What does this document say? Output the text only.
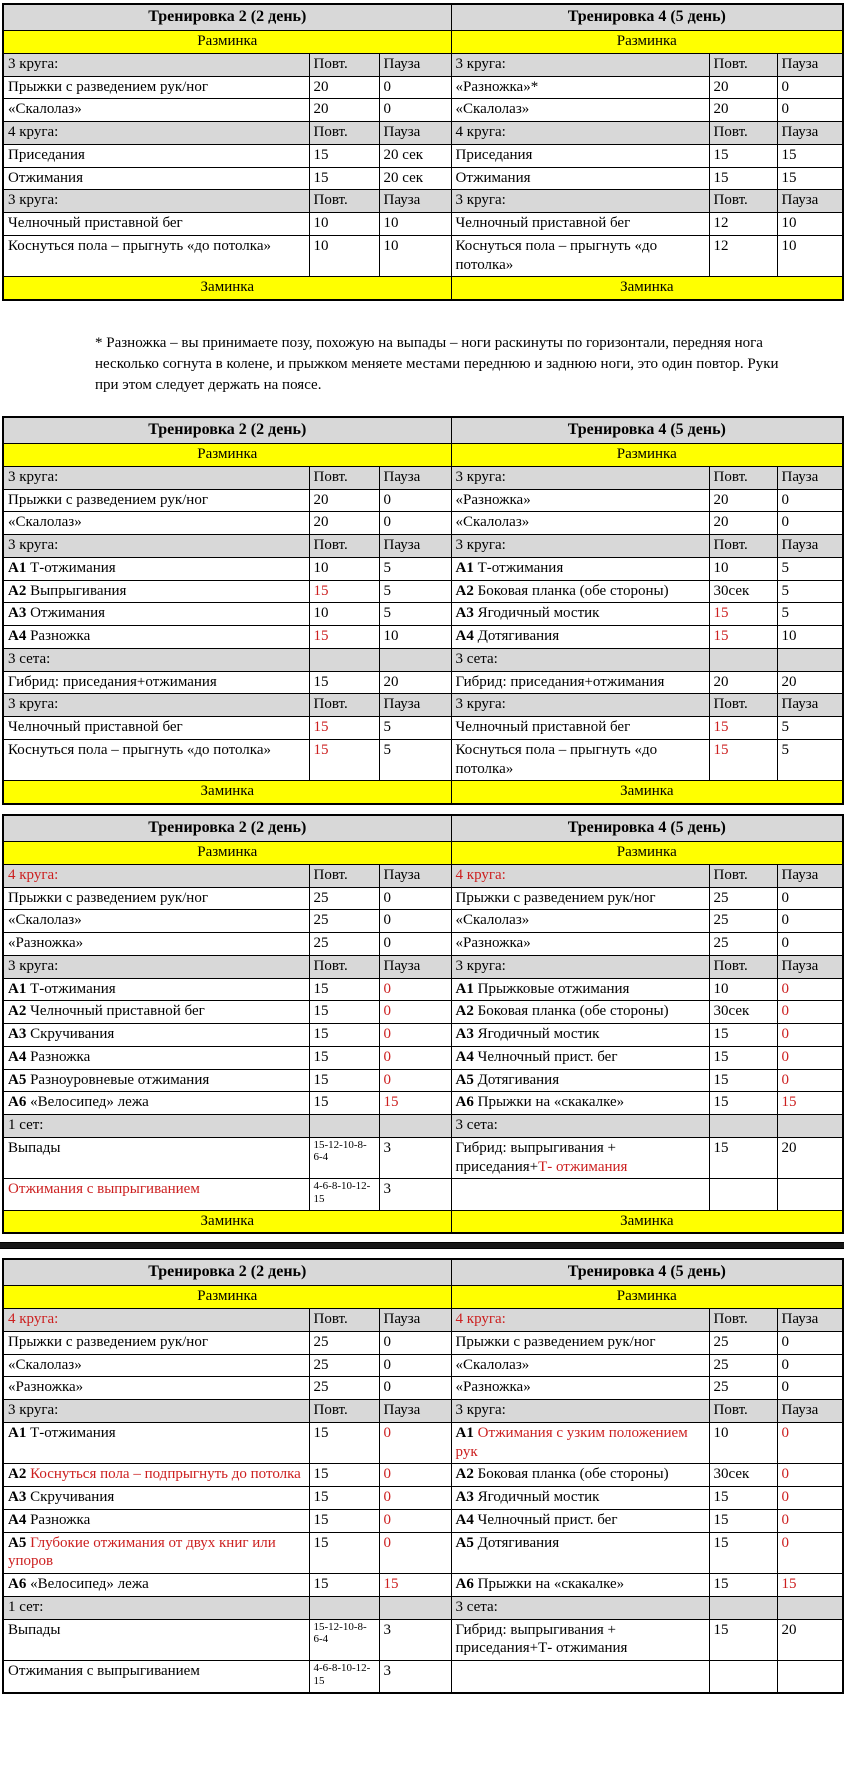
Тренировка 2 (2 день)			Тренировка 4 (5 день)		
Разминка			Разминка		
3 круга:	Повт.	Пауза	3 круга:	Повт.	Пауза
Прыжки с разведением рук/ног	20	0	«Разножка»*	20	0
«Скалолаз»	20	0	«Скалолаз»	20	0
4 круга:	Повт.	Пауза	4 круга:	Повт.	Пауза
Приседания	15	20 сек	Приседания	15	15
Отжимания	15	20 сек	Отжимания	15	15
3 круга:	Повт.	Пауза	3 круга:	Повт.	Пауза
Челночный приставной бег	10	10	Челночный приставной бег	12	10
Коснуться пола – прыгнуть «до потолка»	10	10	Коснуться пола – прыгнуть «до потолка»	12	10
Заминка			Заминка		

* Разножка – вы принимаете позу, похожую на выпады – ноги раскинуты по горизонтали, передняя нога несколько согнута в колене, и прыжком меняете местами переднюю и заднюю ноги, это один повтор. Руки при этом следует держать на поясе.

Тренировка 2 (2 день)			Тренировка 4 (5 день)		
Разминка			Разминка		
3 круга:	Повт.	Пауза	3 круга:	Повт.	Пауза
Прыжки с разведением рук/ног	20	0	«Разножка»	20	0
«Скалолаз»	20	0	«Скалолаз»	20	0
3 круга:	Повт.	Пауза	3 круга:	Повт.	Пауза
A1 Т-отжимания	10	5	A1 Т-отжимания	10	5
A2 Выпрыгивания	15	5	A2 Боковая планка (обе стороны)	30сек	5
A3 Отжимания	10	5	A3 Ягодичный мостик	15	5
A4 Разножка	15	10	A4 Дотягивания	15	10
3 сета:			3 сета:		
Гибрид: приседания+отжимания	15	20	Гибрид: приседания+отжимания	20	20
3 круга:	Повт.	Пауза	3 круга:	Повт.	Пауза
Челночный приставной бег	15	5	Челночный приставной бег	15	5
Коснуться пола – прыгнуть «до потолка»	15	5	Коснуться пола – прыгнуть «до потолка»	15	5
Заминка			Заминка		
Тренировка 2 (2 день)			Тренировка 4 (5 день)		
Разминка			Разминка		
4 круга:	Повт.	Пауза	4 круга:	Повт.	Пауза
Прыжки с разведением рук/ног	25	0	Прыжки с разведением рук/ног	25	0
«Скалолаз»	25	0	«Скалолаз»	25	0
«Разножка»	25	0	«Разножка»	25	0
3 круга:	Повт.	Пауза	3 круга:	Повт.	Пауза
A1 Т-отжимания	15	0	A1 Прыжковые отжимания	10	0
A2 Челночный приставной бег	15	0	A2 Боковая планка (обе стороны)	30сек	0
A3 Скручивания	15	0	A3 Ягодичный мостик	15	0
A4 Разножка	15	0	A4 Челночный прист. бег	15	0
A5 Разноуровневые отжимания	15	0	A5 Дотягивания	15	0
A6 «Велосипед» лежа	15	15	A6 Прыжки на «скакалке»	15	15
1 сет:			3 сета:		
Выпады	15-12-10-8-6-4	3	Гибрид: выпрыгивания + приседания+Т- отжимания	15	20
Отжимания с выпрыгиванием	4-6-8-10-12-15	3			
Заминка			Заминка		
Тренировка 2 (2 день)			Тренировка 4 (5 день)		
Разминка			Разминка		
4 круга:	Повт.	Пауза	4 круга:	Повт.	Пауза
Прыжки с разведением рук/ног	25	0	Прыжки с разведением рук/ног	25	0
«Скалолаз»	25	0	«Скалолаз»	25	0
«Разножка»	25	0	«Разножка»	25	0
3 круга:	Повт.	Пауза	3 круга:	Повт.	Пауза
A1 Т-отжимания	15	0	A1 Отжимания с узким положением рук	10	0
A2 Коснуться пола – подпрыгнуть до потолка	15	0	A2 Боковая планка (обе стороны)	30сек	0
A3 Скручивания	15	0	A3 Ягодичный мостик	15	0
A4 Разножка	15	0	A4 Челночный прист. бег	15	0
A5 Глубокие отжимания от двух книг или упоров	15	0	A5 Дотягивания	15	0
A6 «Велосипед» лежа	15	15	A6 Прыжки на «скакалке»	15	15
1 сет:			3 сета:		
Выпады	15-12-10-8-6-4	3	Гибрид: выпрыгивания + приседания+Т- отжимания	15	20
Отжимания с выпрыгиванием	4-6-8-10-12-15	3			
